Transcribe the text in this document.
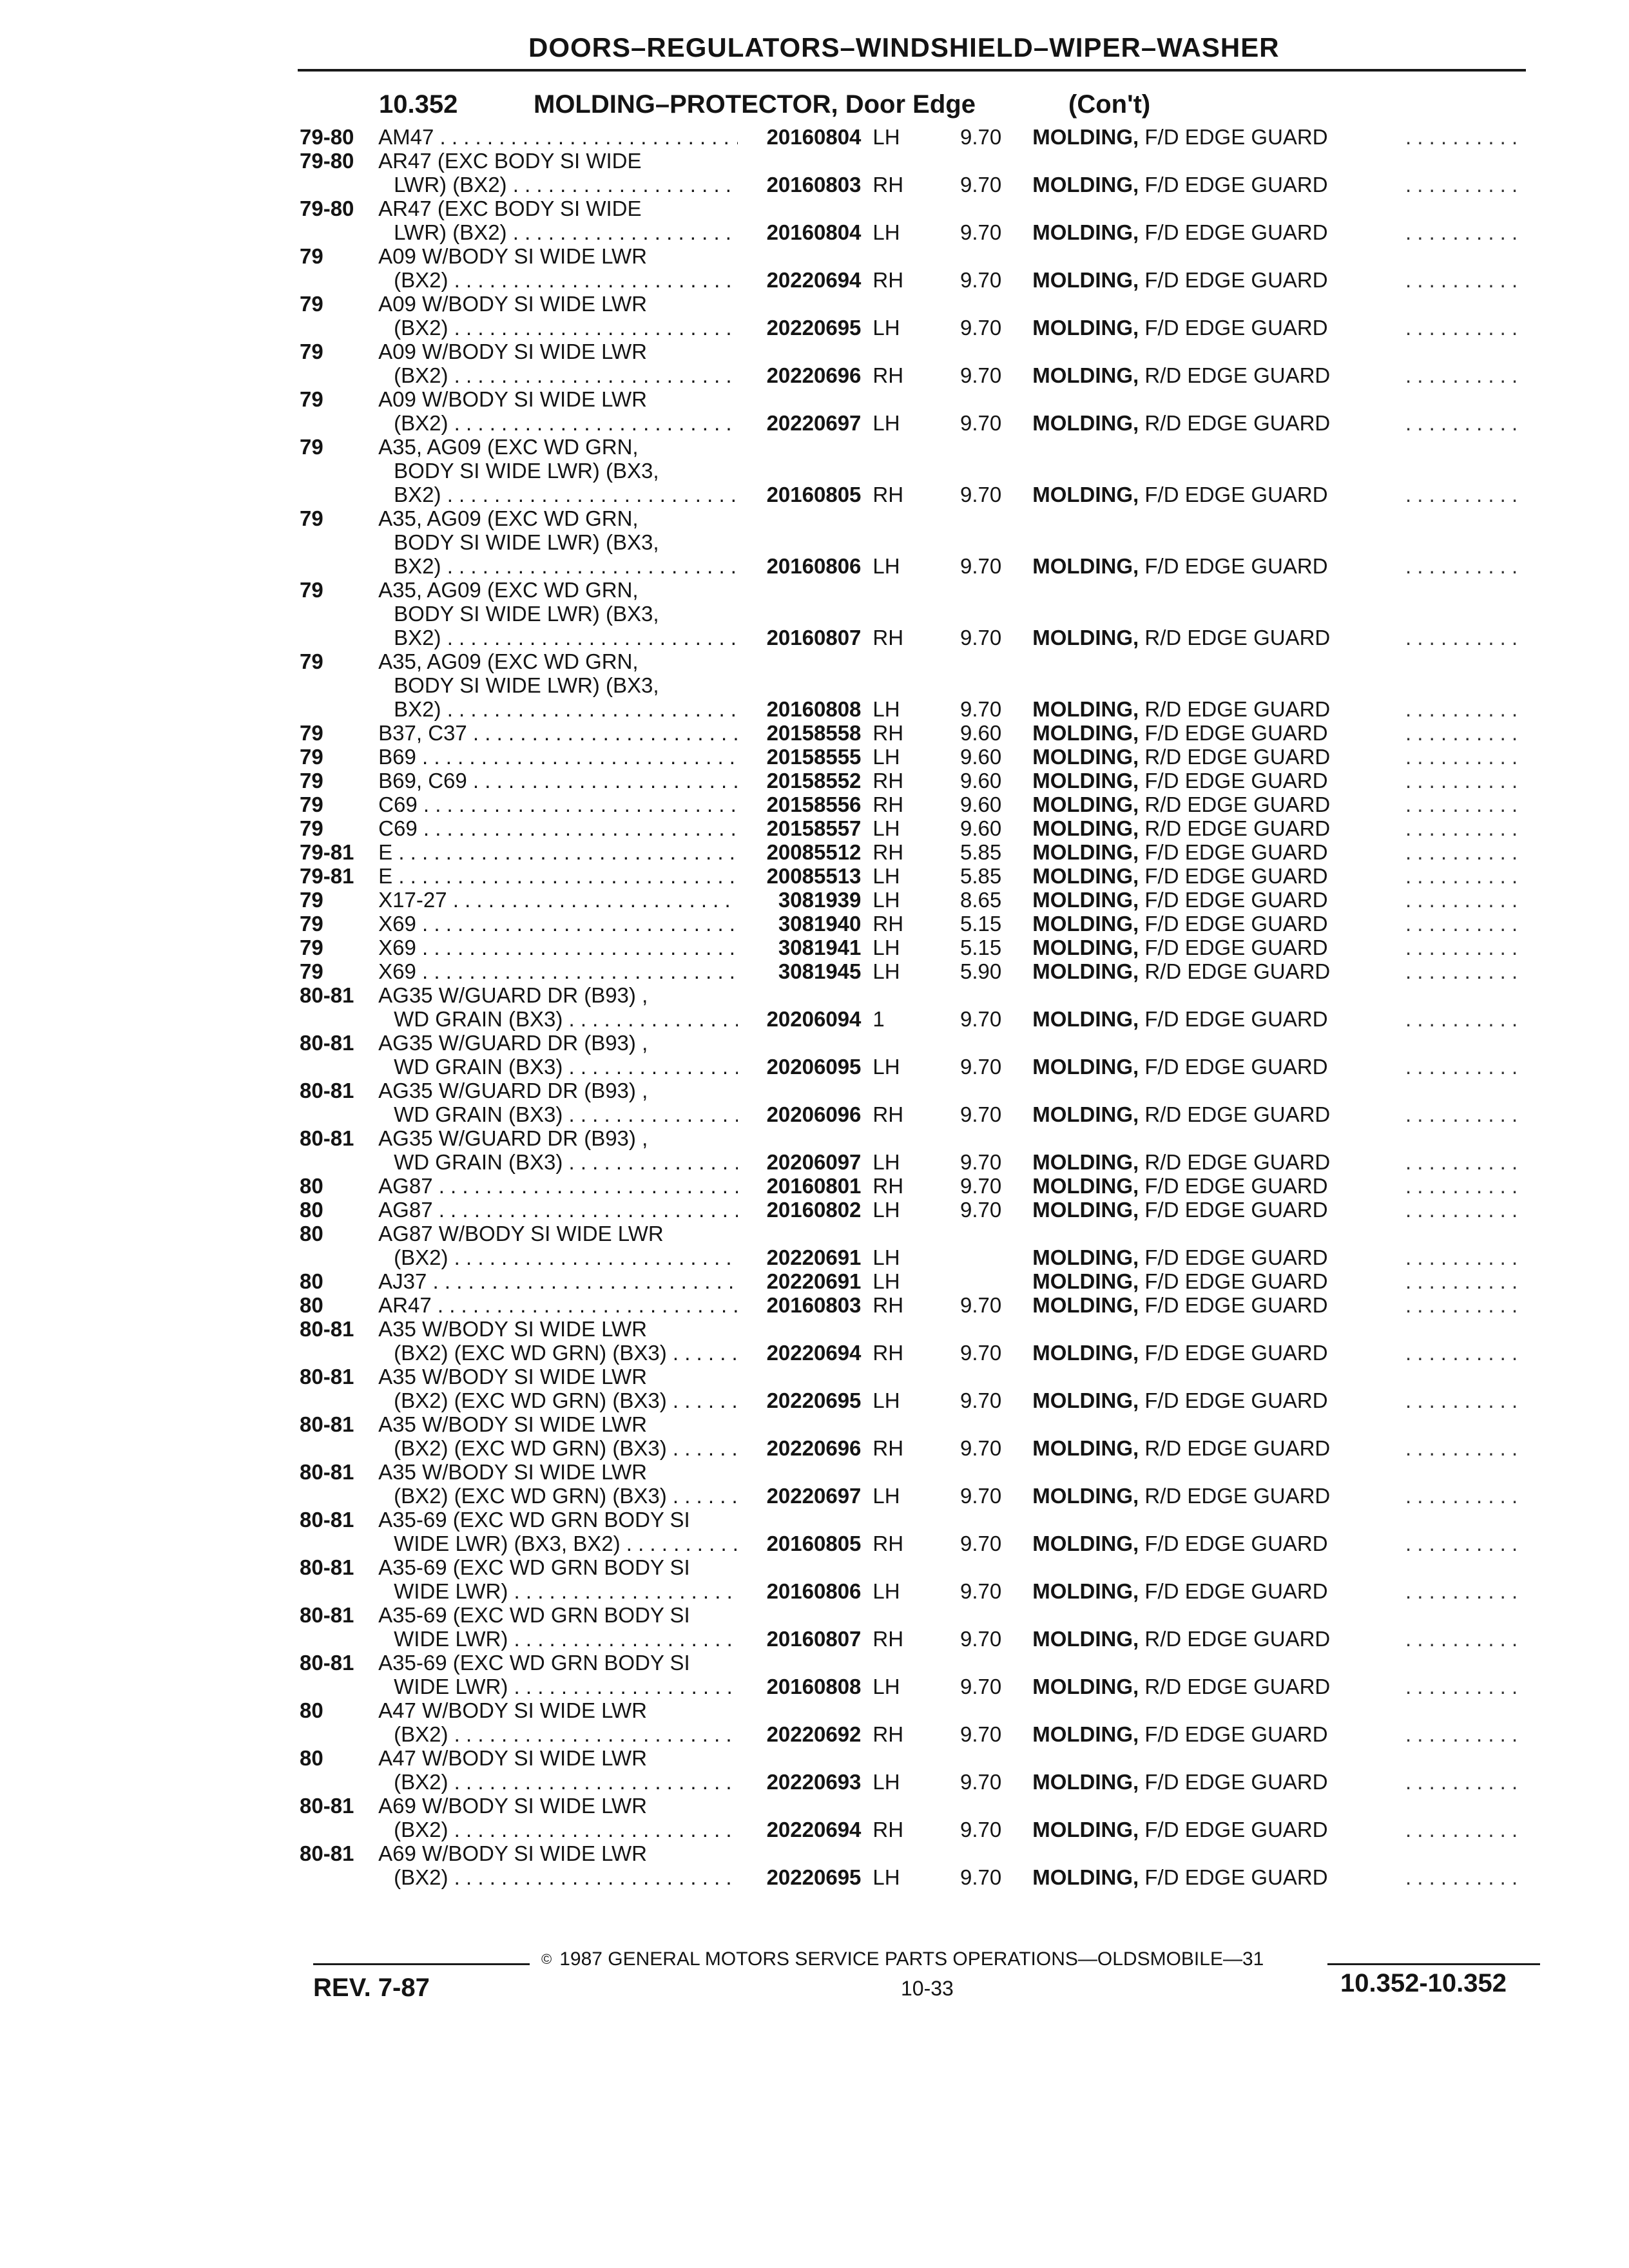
DOORS–REGULATORS–WINDSHIELD–WIPER–WASHER
10.352	MOLDING–PROTECTOR, Door Edge	(Con't)
79-80	AM47 . . .	20160804	LH	9.70	MOLDING, F/D EDGE GUARD	. . . . . . . . . .
79-80	AR47 (EXC BODY SI WIDE
LWR) (BX2) . . .	20160803	RH	9.70	MOLDING, F/D EDGE GUARD	. . . . . . . . . .
79-80	AR47 (EXC BODY SI WIDE
LWR) (BX2) . . .	20160804	LH	9.70	MOLDING, F/D EDGE GUARD	. . . . . . . . . .
79	A09 W/BODY SI WIDE LWR
(BX2) . . .	20220694	RH	9.70	MOLDING, F/D EDGE GUARD	. . . . . . . . . .
79	A09 W/BODY SI WIDE LWR
(BX2) . . .	20220695	LH	9.70	MOLDING, F/D EDGE GUARD	. . . . . . . . . .
79	A09 W/BODY SI WIDE LWR
(BX2) . . .	20220696	RH	9.70	MOLDING, R/D EDGE GUARD	. . . . . . . . . .
79	A09 W/BODY SI WIDE LWR
(BX2) . . .	20220697	LH	9.70	MOLDING, R/D EDGE GUARD	. . . . . . . . . .
79	A35, AG09 (EXC WD GRN,
BODY SI WIDE LWR) (BX3,
BX2) . . .	20160805	RH	9.70	MOLDING, F/D EDGE GUARD	. . . . . . . . . .
79	A35, AG09 (EXC WD GRN,
BODY SI WIDE LWR) (BX3,
BX2) . . .	20160806	LH	9.70	MOLDING, F/D EDGE GUARD	. . . . . . . . . .
79	A35, AG09 (EXC WD GRN,
BODY SI WIDE LWR) (BX3,
BX2) . . .	20160807	RH	9.70	MOLDING, R/D EDGE GUARD	. . . . . . . . . .
79	A35, AG09 (EXC WD GRN,
BODY SI WIDE LWR) (BX3,
BX2) . . .	20160808	LH	9.70	MOLDING, R/D EDGE GUARD	. . . . . . . . . .
79	B37, C37 . . .	20158558	RH	9.60	MOLDING, F/D EDGE GUARD	. . . . . . . . . .
79	B69 . . .	20158555	LH	9.60	MOLDING, R/D EDGE GUARD	. . . . . . . . . .
79	B69, C69 . . .	20158552	RH	9.60	MOLDING, F/D EDGE GUARD	. . . . . . . . . .
79	C69 . . .	20158556	RH	9.60	MOLDING, R/D EDGE GUARD	. . . . . . . . . .
79	C69 . . .	20158557	LH	9.60	MOLDING, R/D EDGE GUARD	. . . . . . . . . .
79-81	E . . .	20085512	RH	5.85	MOLDING, F/D EDGE GUARD	. . . . . . . . . .
79-81	E . . .	20085513	LH	5.85	MOLDING, F/D EDGE GUARD	. . . . . . . . . .
79	X17-27 . . .	3081939	LH	8.65	MOLDING, F/D EDGE GUARD	. . . . . . . . . .
79	X69 . . .	3081940	RH	5.15	MOLDING, F/D EDGE GUARD	. . . . . . . . . .
79	X69 . . .	3081941	LH	5.15	MOLDING, F/D EDGE GUARD	. . . . . . . . . .
79	X69 . . .	3081945	LH	5.90	MOLDING, R/D EDGE GUARD	. . . . . . . . . .
80-81	AG35 W/GUARD DR (B93) ,
WD GRAIN (BX3) . . .	20206094	1	9.70	MOLDING, F/D EDGE GUARD	. . . . . . . . . .
80-81	AG35 W/GUARD DR (B93) ,
WD GRAIN (BX3) . . .	20206095	LH	9.70	MOLDING, F/D EDGE GUARD	. . . . . . . . . .
80-81	AG35 W/GUARD DR (B93) ,
WD GRAIN (BX3) . . .	20206096	RH	9.70	MOLDING, R/D EDGE GUARD	. . . . . . . . . .
80-81	AG35 W/GUARD DR (B93) ,
WD GRAIN (BX3) . . .	20206097	LH	9.70	MOLDING, R/D EDGE GUARD	. . . . . . . . . .
80	AG87 . . .	20160801	RH	9.70	MOLDING, F/D EDGE GUARD	. . . . . . . . . .
80	AG87 . . .	20160802	LH	9.70	MOLDING, F/D EDGE GUARD	. . . . . . . . . .
80	AG87 W/BODY SI WIDE LWR
(BX2) . . .	20220691	LH		MOLDING, F/D EDGE GUARD	. . . . . . . . . .
80	AJ37 . . .	20220691	LH		MOLDING, F/D EDGE GUARD	. . . . . . . . . .
80	AR47 . . .	20160803	RH	9.70	MOLDING, F/D EDGE GUARD	. . . . . . . . . .
80-81	A35 W/BODY SI WIDE LWR
(BX2) (EXC WD GRN) (BX3) . . .	20220694	RH	9.70	MOLDING, F/D EDGE GUARD	. . . . . . . . . .
80-81	A35 W/BODY SI WIDE LWR
(BX2) (EXC WD GRN) (BX3) . . .	20220695	LH	9.70	MOLDING, F/D EDGE GUARD	. . . . . . . . . .
80-81	A35 W/BODY SI WIDE LWR
(BX2) (EXC WD GRN) (BX3) . . .	20220696	RH	9.70	MOLDING, R/D EDGE GUARD	. . . . . . . . . .
80-81	A35 W/BODY SI WIDE LWR
(BX2) (EXC WD GRN) (BX3) . . .	20220697	LH	9.70	MOLDING, R/D EDGE GUARD	. . . . . . . . . .
80-81	A35-69 (EXC WD GRN BODY SI
WIDE LWR) (BX3, BX2) . . .	20160805	RH	9.70	MOLDING, F/D EDGE GUARD	. . . . . . . . . .
80-81	A35-69 (EXC WD GRN BODY SI
WIDE LWR) . . .	20160806	LH	9.70	MOLDING, F/D EDGE GUARD	. . . . . . . . . .
80-81	A35-69 (EXC WD GRN BODY SI
WIDE LWR) . . .	20160807	RH	9.70	MOLDING, R/D EDGE GUARD	. . . . . . . . . .
80-81	A35-69 (EXC WD GRN BODY SI
WIDE LWR) . . .	20160808	LH	9.70	MOLDING, R/D EDGE GUARD	. . . . . . . . . .
80	A47 W/BODY SI WIDE LWR
(BX2) . . .	20220692	RH	9.70	MOLDING, F/D EDGE GUARD	. . . . . . . . . .
80	A47 W/BODY SI WIDE LWR
(BX2) . . .	20220693	LH	9.70	MOLDING, F/D EDGE GUARD	. . . . . . . . . .
80-81	A69 W/BODY SI WIDE LWR
(BX2) . . .	20220694	RH	9.70	MOLDING, F/D EDGE GUARD	. . . . . . . . . .
80-81	A69 W/BODY SI WIDE LWR
(BX2) . . .	20220695	LH	9.70	MOLDING, F/D EDGE GUARD	. . . . . . . . . .
© 1987 GENERAL MOTORS SERVICE PARTS OPERATIONS—OLDSMOBILE—31
REV. 7-87	10-33	10.352-10.352
